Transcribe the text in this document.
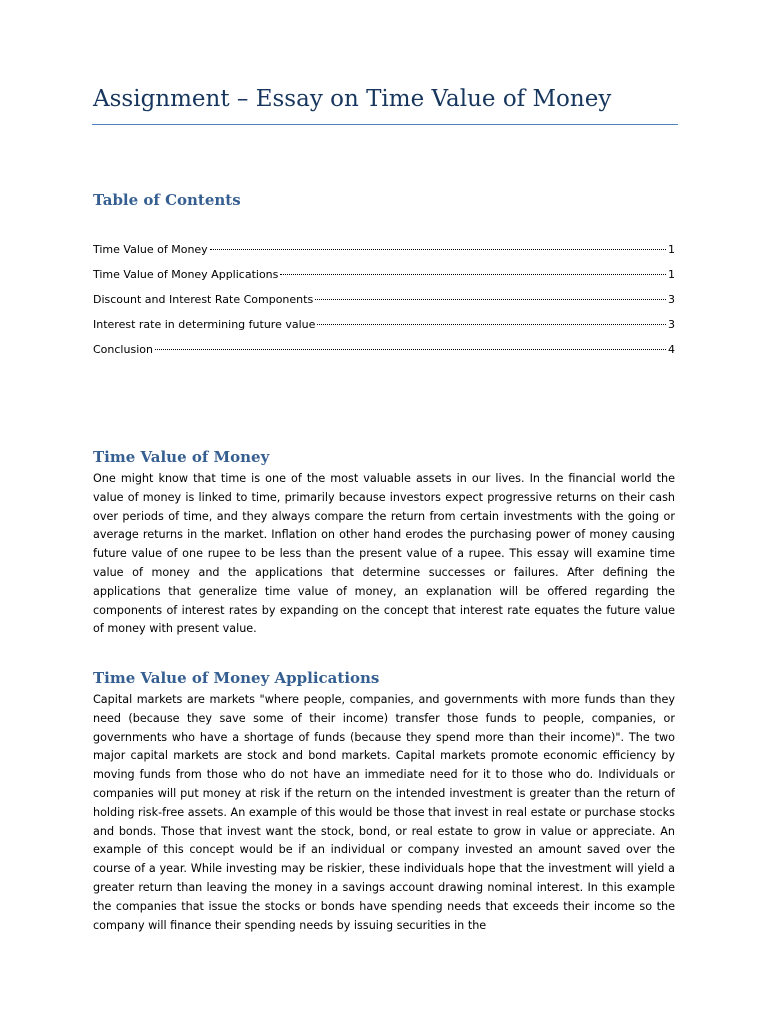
Assignment – Essay on Time Value of Money
Table of Contents
Time Value of Money	1
Time Value of Money Applications	1
Discount and Interest Rate Components	3
Interest rate in determining future value	3
Conclusion	4
Time Value of Money

One might know that time is one of the most valuable assets in our lives. In the financial world the value of money is linked to time, primarily because investors expect progressive returns on their cash over periods of time, and they always compare the return from certain investments with the going or average returns in the market. Inflation on other hand erodes the purchasing power of money causing future value of one rupee to be less than the present value of a rupee. This essay will examine time value of money and the applications that determine successes or failures. After defining the applications that generalize time value of money, an explanation will be offered regarding the components of interest rates by expanding on the concept that interest rate equates the future value of money with present value.

Time Value of Money Applications

Capital markets are markets "where people, companies, and governments with more funds than they need (because they save some of their income) transfer those funds to people, companies, or governments who have a shortage of funds (because they spend more than their income)". The two major capital markets are stock and bond markets. Capital markets promote economic efficiency by moving funds from those who do not have an immediate need for it to those who do. Individuals or companies will put money at risk if the return on the intended investment is greater than the return of holding risk-free assets. An example of this would be those that invest in real estate or purchase stocks and bonds. Those that invest want the stock, bond, or real estate to grow in value or appreciate. An example of this concept would be if an individual or company invested an amount saved over the course of a year. While investing may be riskier, these individuals hope that the investment will yield a greater return than leaving the money in a savings account drawing nominal interest. In this example the companies that issue the stocks or bonds have spending needs that exceeds their income so the company will finance their spending needs by issuing securities in the
